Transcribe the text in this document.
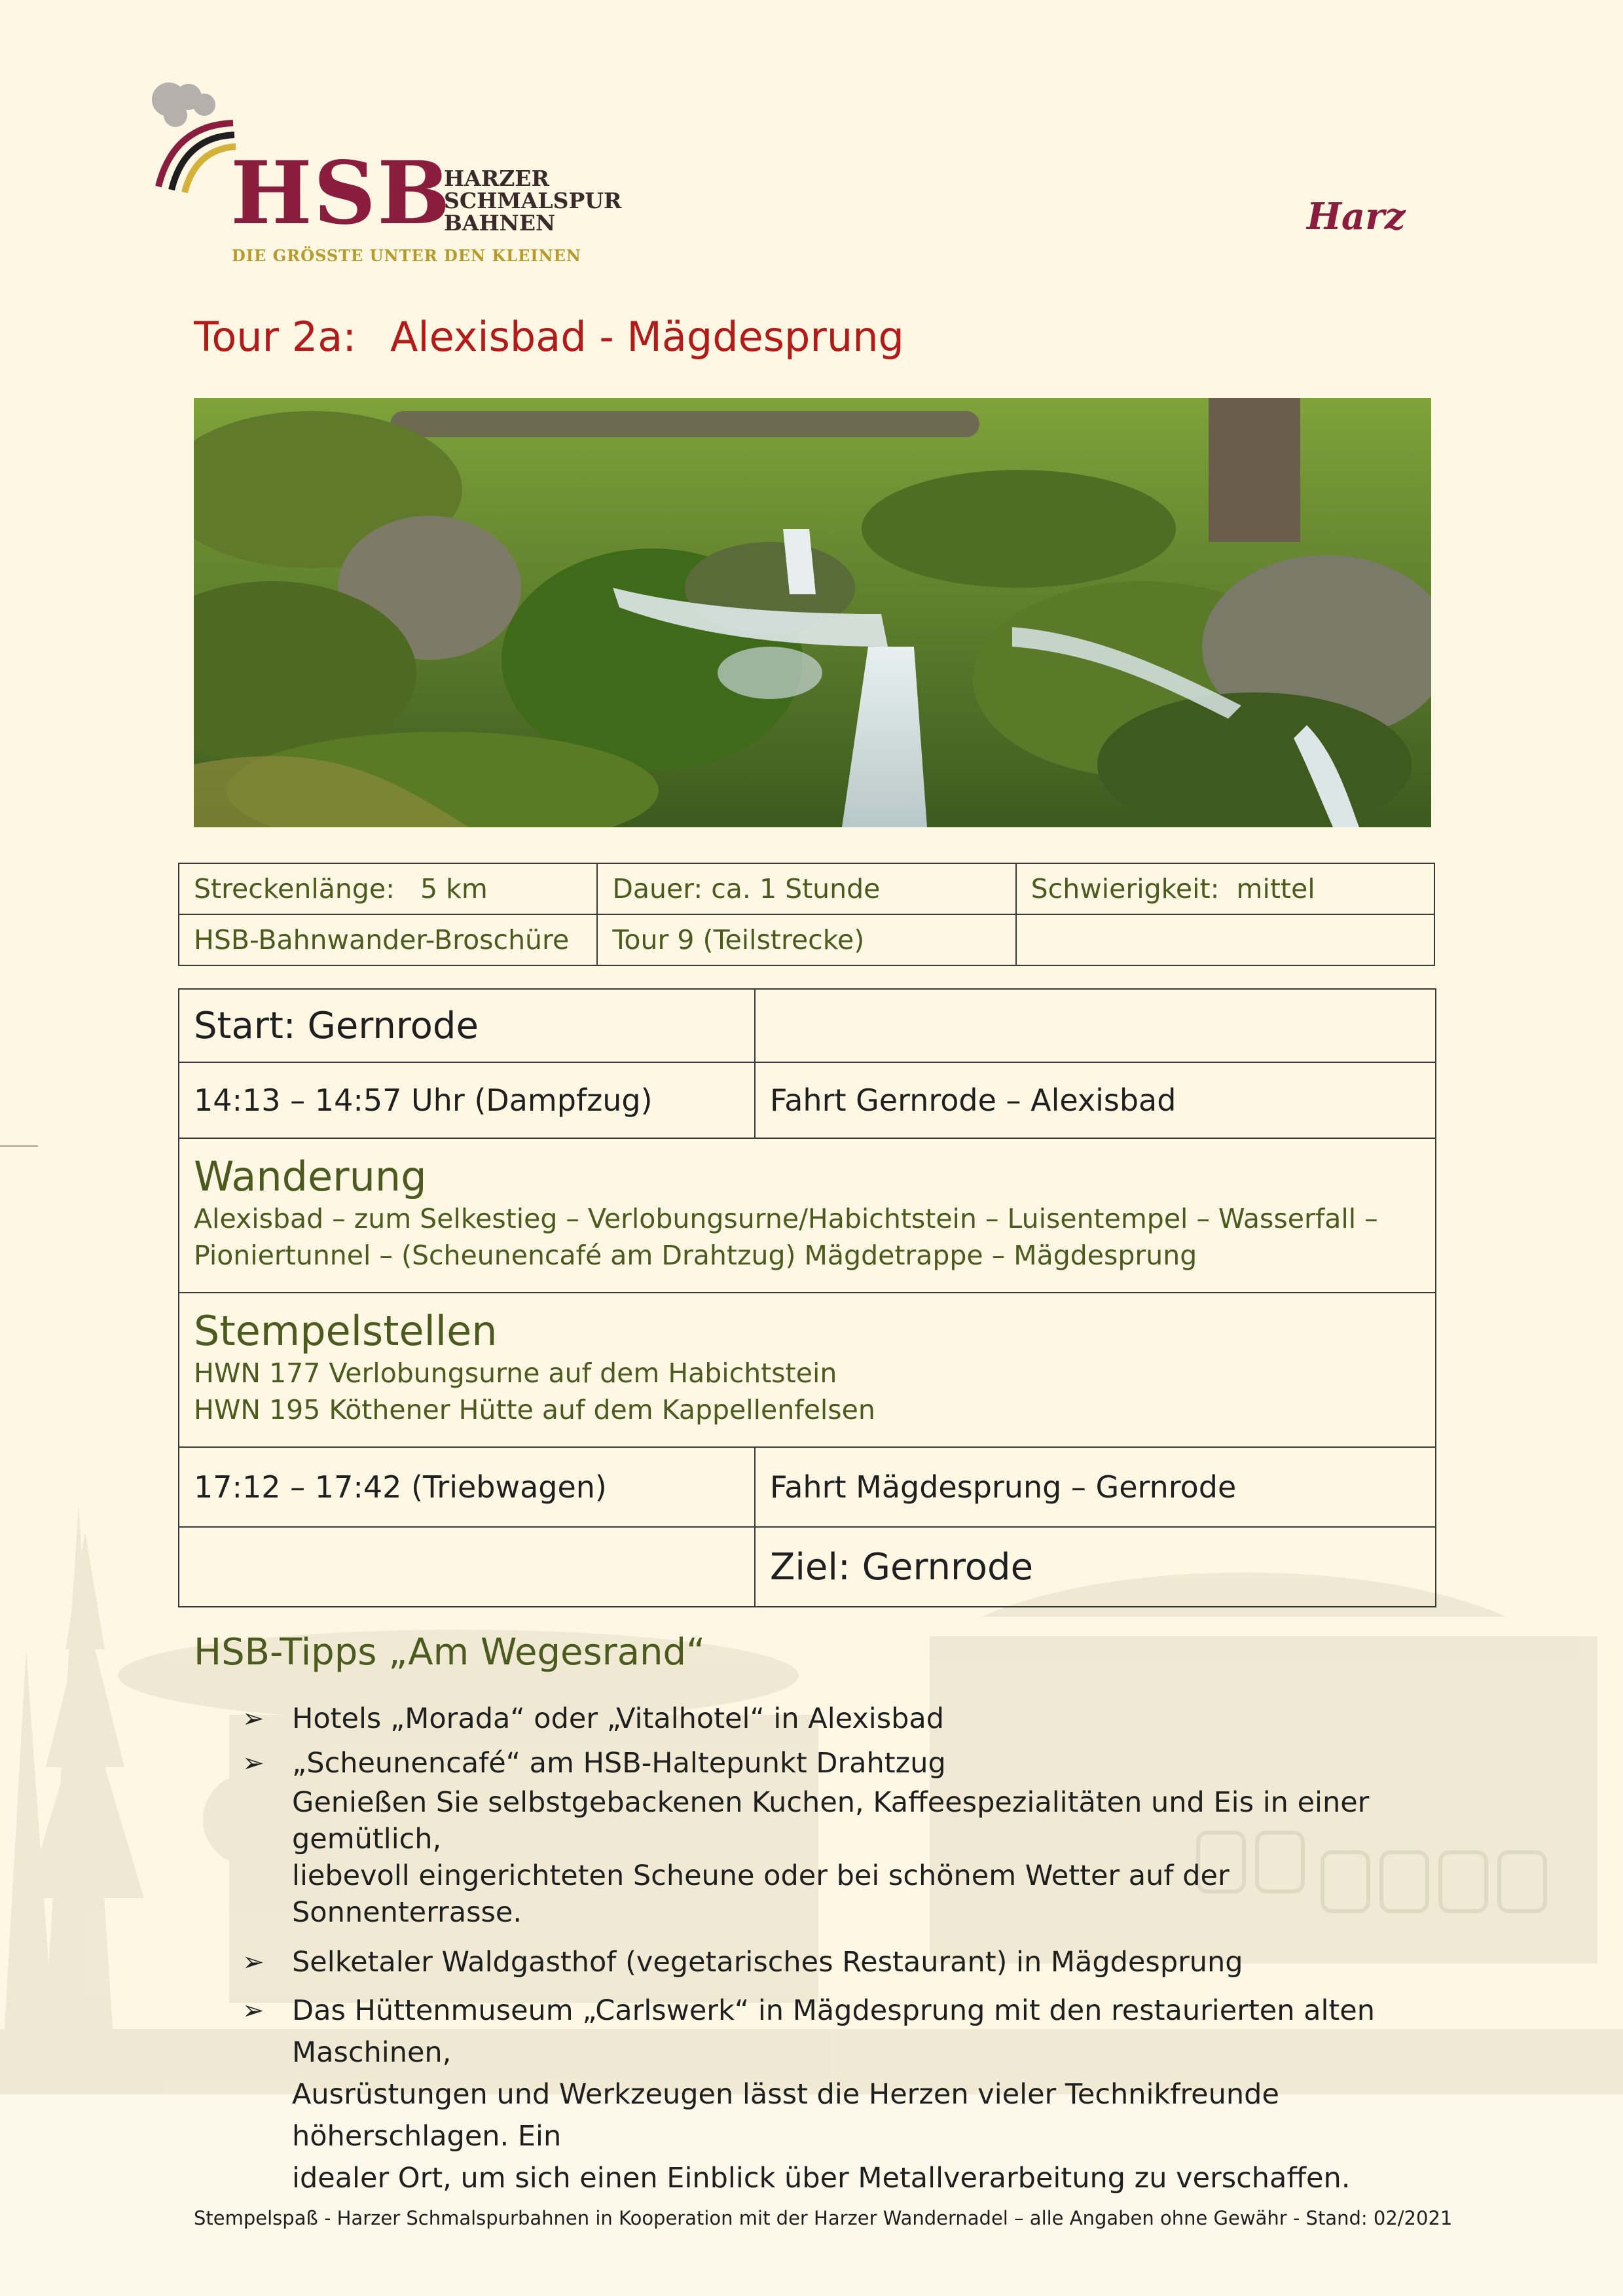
HSB
HARZER
SCHMALSPUR
BAHNEN
DIE GRÖSSTE UNTER DEN KLEINEN
Harz
Tour 2a: Alexisbad - Mägdesprung
Streckenlänge: 5 km	Dauer: ca. 1 Stunde	Schwierigkeit: mittel
HSB-Bahnwander-Broschüre	Tour 9 (Teilstrecke)	
Start: Gernrode	
14:13 – 14:57 Uhr (Dampfzug)	Fahrt Gernrode – Alexisbad

Wanderung
Alexisbad – zum Selkestieg – Verlobungsurne/Habichtstein – Luisentempel – Wasserfall –
Pioniertunnel – (Scheunencafé am Drahtzug) Mägdetrappe – Mägdesprung	

Stempelstellen
HWN 177 Verlobungsurne auf dem Habichtstein
HWN 195 Köthener Hütte auf dem Kappellenfelsen	

17:12 – 17:42 (Triebwagen)	Fahrt Mägdesprung – Gernrode
	Ziel: Gernrode
HSB-Tipps „Am Wegesrand“
➢ Hotels „Morada“ oder „Vitalhotel“ in Alexisbad
➢ „Scheunencafé“ am HSB-Haltepunkt Drahtzug
Genießen Sie selbstgebackenen Kuchen, Kaffeespezialitäten und Eis in einer gemütlich,
liebevoll eingerichteten Scheune oder bei schönem Wetter auf der Sonnenterrasse.
➢ Selketaler Waldgasthof (vegetarisches Restaurant) in Mägdesprung
➢ Das Hüttenmuseum „Carlswerk“ in Mägdesprung mit den restaurierten alten Maschinen,
Ausrüstungen und Werkzeugen lässt die Herzen vieler Technikfreunde höherschlagen. Ein
idealer Ort, um sich einen Einblick über Metallverarbeitung zu verschaffen.
Stempelspaß - Harzer Schmalspurbahnen in Kooperation mit der Harzer Wandernadel – alle Angaben ohne Gewähr - Stand: 02/2021
